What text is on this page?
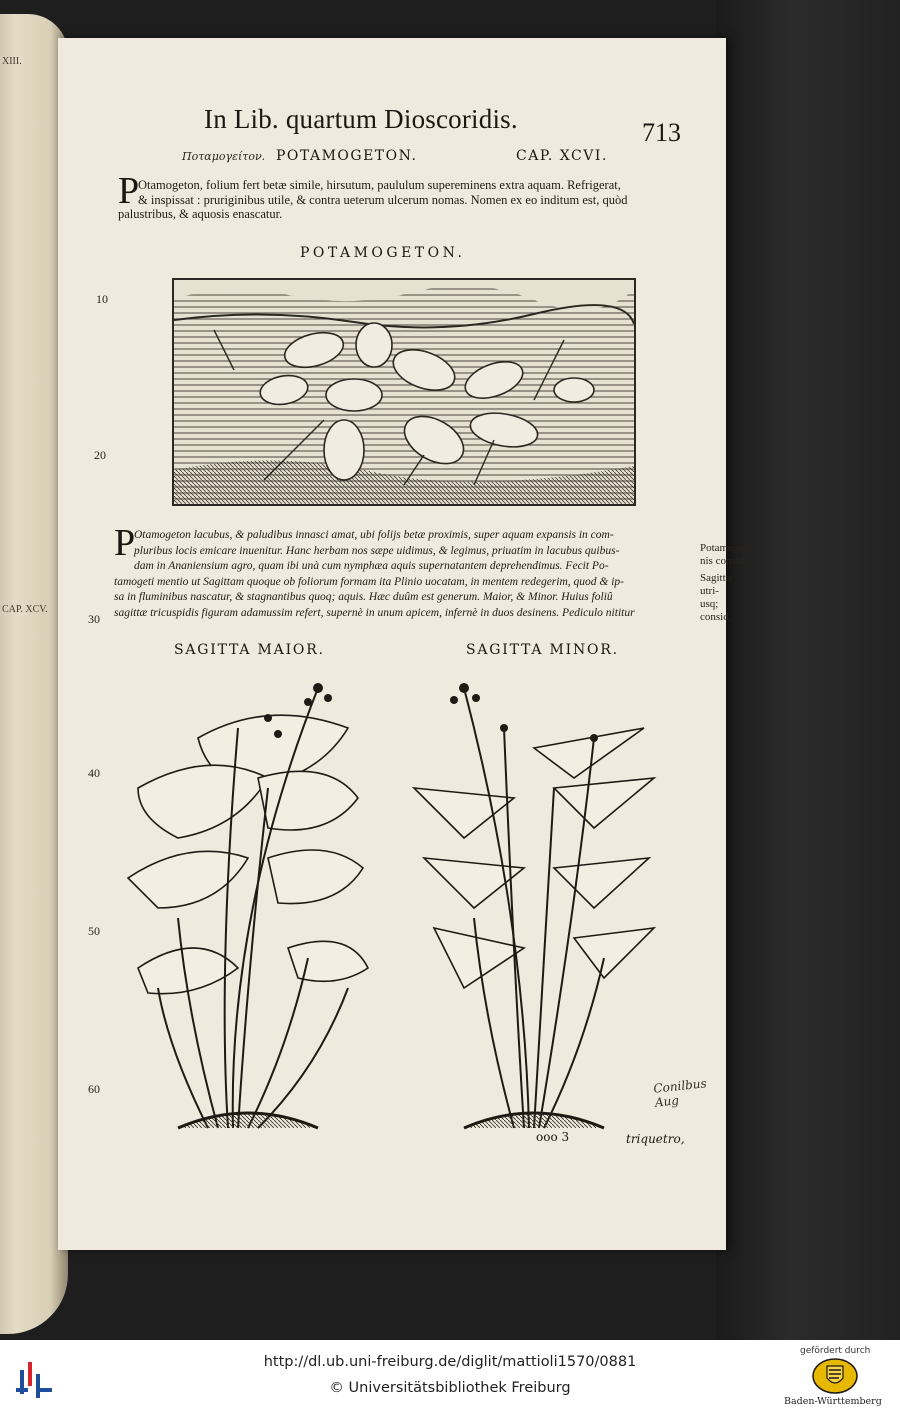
XIII.
CAP. XCV.
In Lib. quartum Dioscoridis.	713
Ποταμογείτον. POTAMOGETON.	CAP. XCVI.
P
Otamogeton, folium fert betæ simile, hirsutum, paululum supereminens extra aquam. Refrigerat,
& inspissat : pruriginibus utile, & contra ueterum ulcerum nomas. Nomen ex eo inditum est, quòd
palustribus, & aquosis enascatur.
POTAMOGETON.
10
20
30
40
50
60
P
Otamogeton lacubus, & paludibus innasci amat, ubi folijs betæ proximis, super aquam expansis in com-
pluribus locis emicare inuenitur. Hanc herbam nos sæpe uidimus, & legimus, priuatim in lacubus quibus-
dam in Ananiensium agro, quam ibi unà cum nymphæa aquis supernatantem deprehendimus. Fecit Po-
tamogeti mentio ut Sagittam quoque ob foliorum formam ita Plinio uocatam, in mentem redegerim, quod & ip-
sa in fluminibus nascatur, & stagnantibus quoq; aquis. Hæc duûm est generum. Maior, & Minor. Huius foliû
sagittæ tricuspidis figuram adamussim refert, supernè in unum apicem, infernè in duos desinens. Pediculo nititur
Potamogeto
nis consid.
Sagittæ utri-
usq; consid.
SAGITTA MAIOR.	SAGITTA MINOR.
Conilbus Aug
ooo 3	triquetro,
http://dl.ub.uni-freiburg.de/diglit/mattioli1570/0881
© Universitätsbibliothek Freiburg
gefördert durch
Baden-Württemberg
